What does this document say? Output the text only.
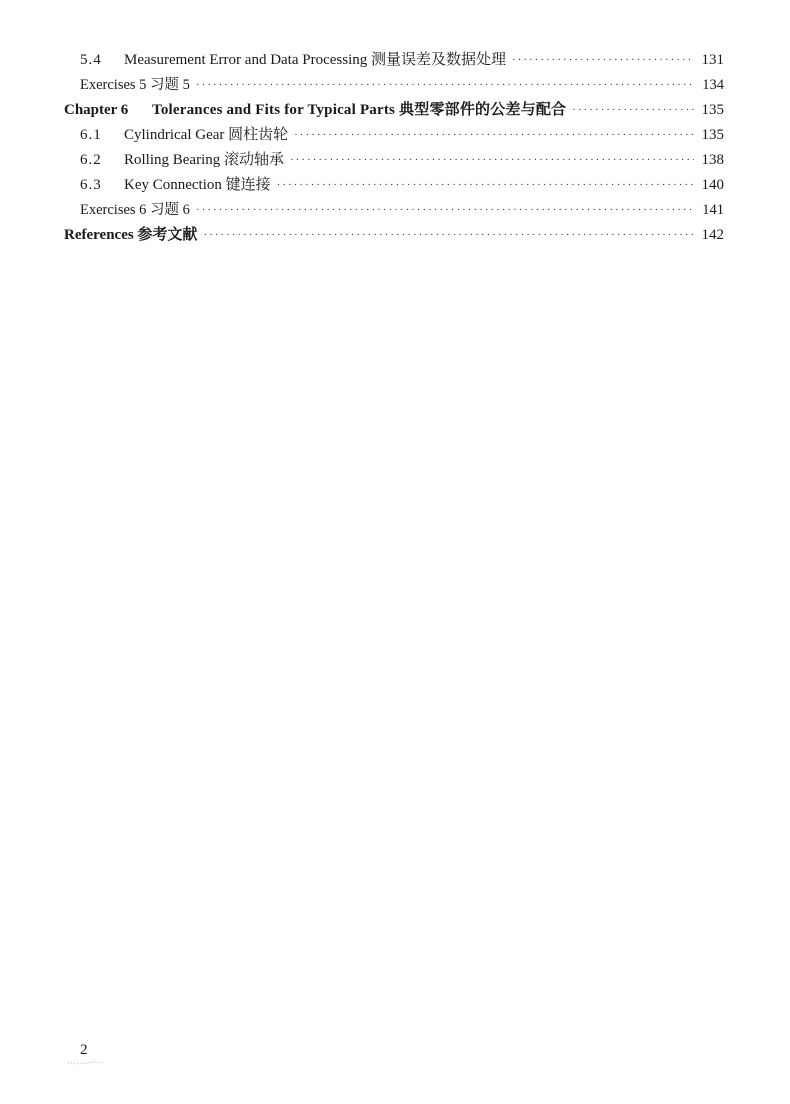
5.4	Measurement Error and Data Processing 测量误差及数据处理 ·····	131
Exercises 5 习题 5 ·····	134
Chapter 6	Tolerances and Fits for Typical Parts 典型零部件的公差与配合 ·····	135
6.1	Cylindrical Gear 圆柱齿轮 ·····	135
6.2	Rolling Bearing 滚动轴承 ·····	138
6.3	Key Connection 键连接 ·····	140
Exercises 6 习题 6 ·····	141
References 参考文献 ·····	142
2
